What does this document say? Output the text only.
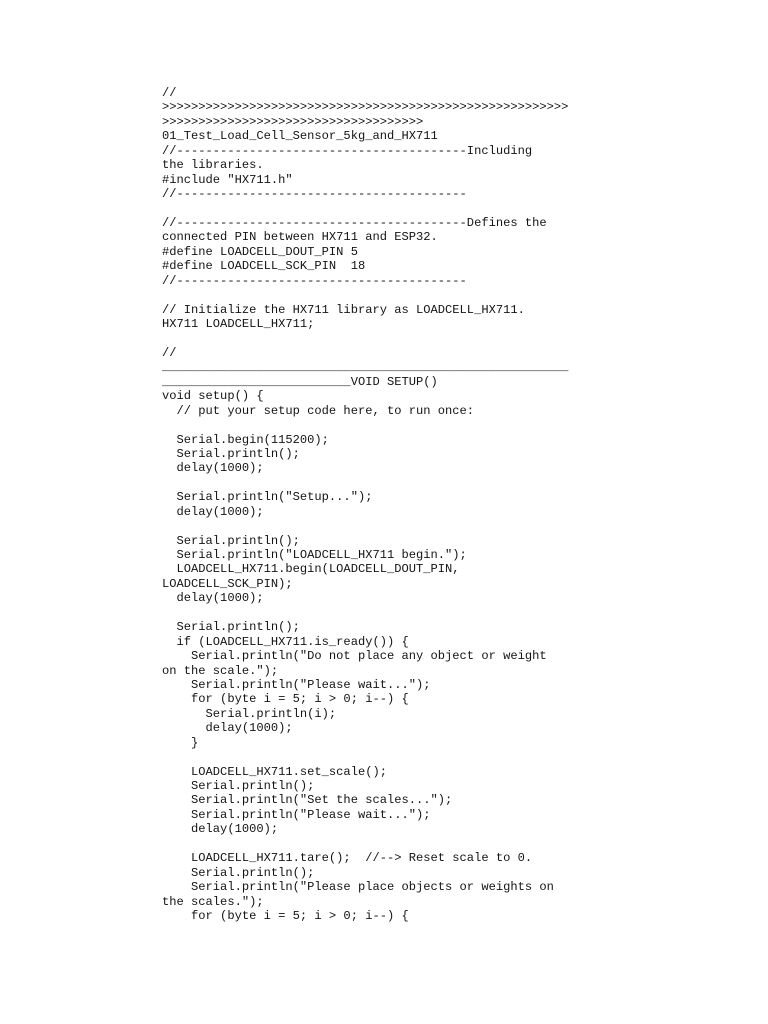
//
>>>>>>>>>>>>>>>>>>>>>>>>>>>>>>>>>>>>>>>>>>>>>>>>>>>>>>>>
>>>>>>>>>>>>>>>>>>>>>>>>>>>>>>>>>>>>
01_Test_Load_Cell_Sensor_5kg_and_HX711
//----------------------------------------Including
the libraries.
#include "HX711.h"
//----------------------------------------
//----------------------------------------Defines the
connected PIN between HX711 and ESP32.
#define LOADCELL_DOUT_PIN 5
#define LOADCELL_SCK_PIN  18
//----------------------------------------
// Initialize the HX711 library as LOADCELL_HX711.
HX711 LOADCELL_HX711;
//
________________________________________________________
__________________________VOID SETUP()
void setup() {
// put your setup code here, to run once:
Serial.begin(115200);
Serial.println();
delay(1000);
Serial.println("Setup...");
delay(1000);
Serial.println();
Serial.println("LOADCELL_HX711 begin.");
LOADCELL_HX711.begin(LOADCELL_DOUT_PIN,
LOADCELL_SCK_PIN);
delay(1000);
Serial.println();
if (LOADCELL_HX711.is_ready()) {
Serial.println("Do not place any object or weight
on the scale.");
Serial.println("Please wait...");
for (byte i = 5; i > 0; i--) {
Serial.println(i);
delay(1000);
}
LOADCELL_HX711.set_scale();
Serial.println();
Serial.println("Set the scales...");
Serial.println("Please wait...");
delay(1000);
LOADCELL_HX711.tare();  //--> Reset scale to 0.
Serial.println();
Serial.println("Please place objects or weights on
the scales.");
for (byte i = 5; i > 0; i--) {
